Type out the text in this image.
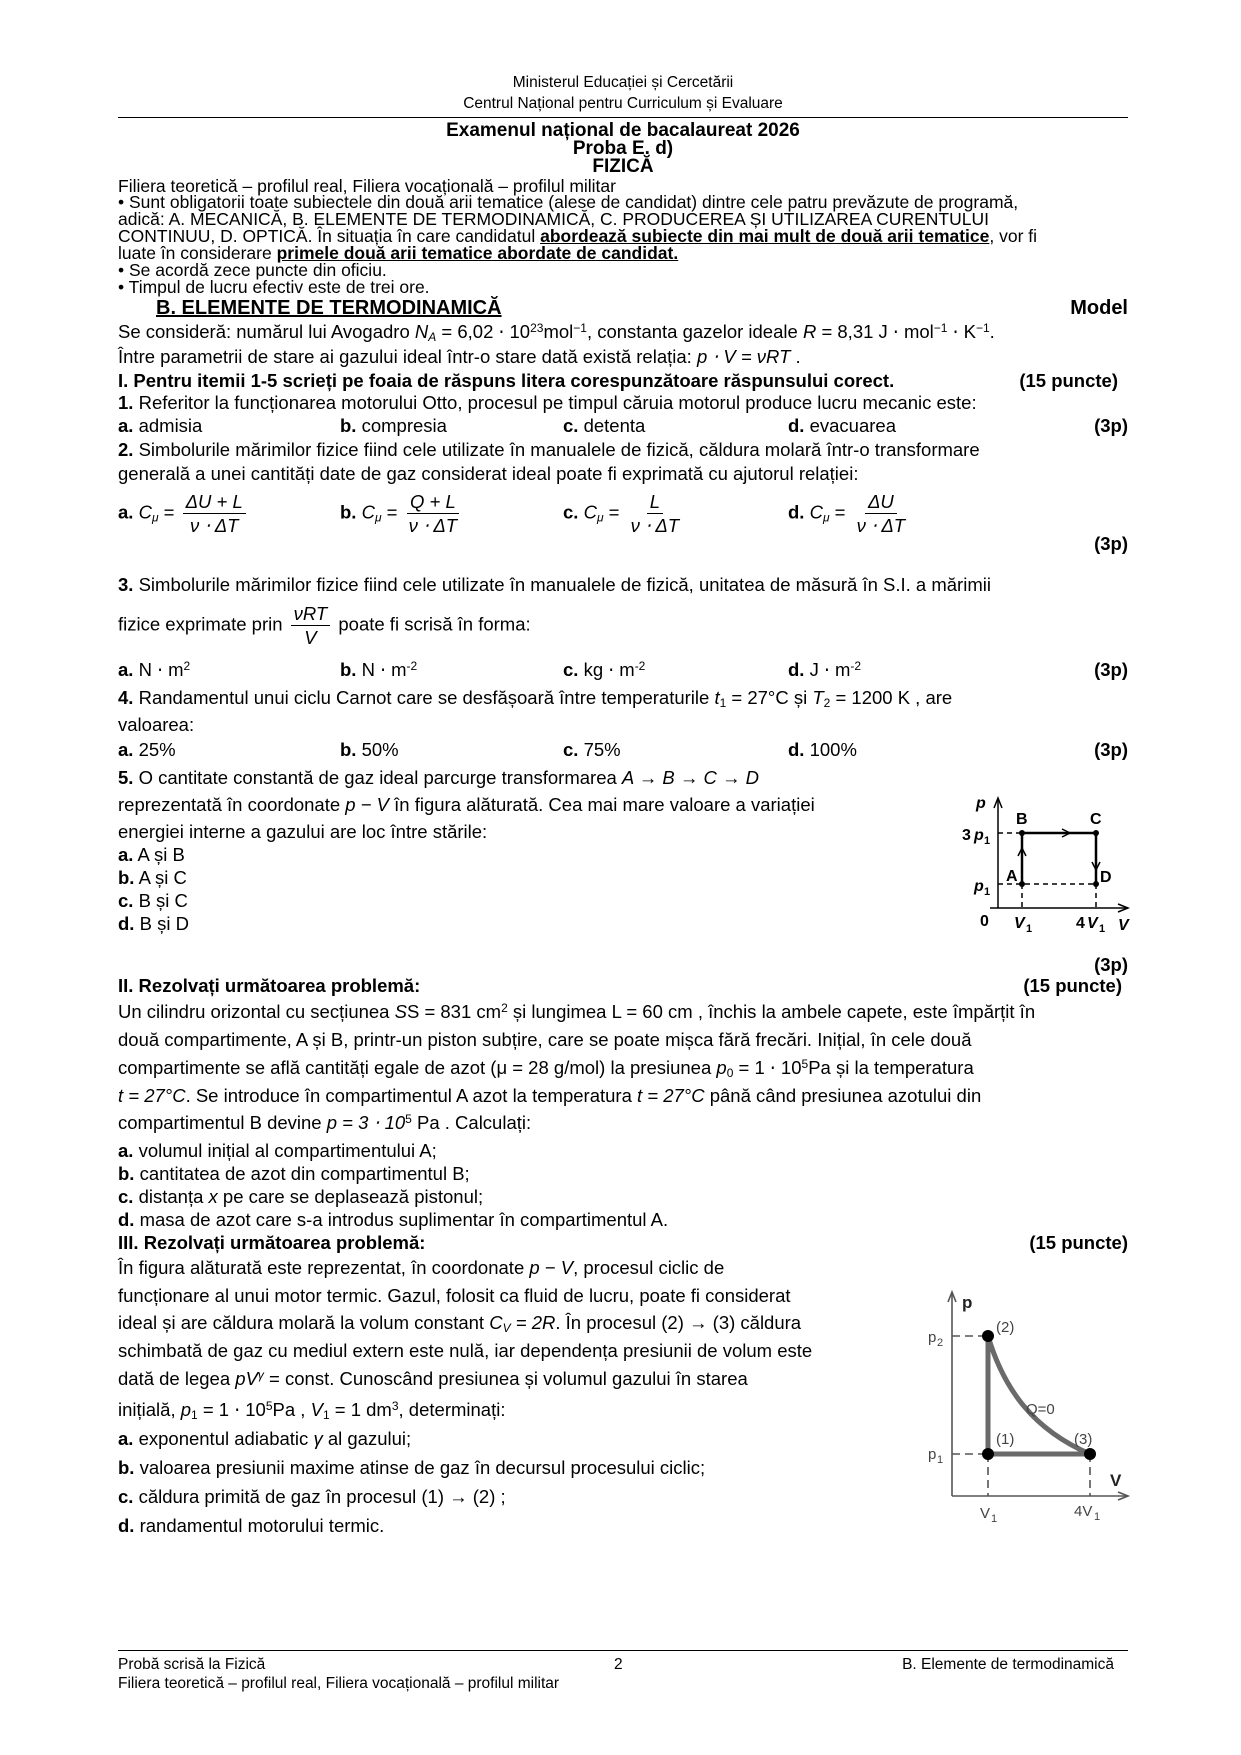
Ministerul Educației și Cercetării
Centrul Național pentru Curriculum și Evaluare
Examenul național de bacalaureat 2026
Proba E. d)
FIZICĂ
Filiera teoretică – profilul real, Filiera vocațională – profilul militar
• Sunt obligatorii toate subiectele din două arii tematice (alese de candidat) dintre cele patru prevăzute de programă,
adică: A. MECANICĂ, B. ELEMENTE DE TERMODINAMICĂ, C. PRODUCEREA ȘI UTILIZAREA CURENTULUI
CONTINUU, D. OPTICĂ. În situația în care candidatul abordează subiecte din mai mult de două arii tematice, vor fi
luate în considerare primele două arii tematice abordate de candidat.
• Se acordă zece puncte din oficiu.
• Timpul de lucru efectiv este de trei ore.
B. ELEMENTE DE TERMODINAMICĂ	Model
Se consideră: numărul lui Avogadro $N_A = 6,02 \cdot 10^{23}mol^{-1}$, constanta gazelor ideale R = 8,31 $J \cdot mol^{-1} \cdot K^{-1}$.
Între parametrii de stare ai gazului ideal într-o stare dată există relația: p ⋅ V = νRT .
I. Pentru itemii 1-5 scrieți pe foaia de răspuns litera corespunzătoare răspunsului corect.	(15 puncte)
1. Referitor la funcționarea motorului Otto, procesul pe timpul căruia motorul produce lucru mecanic este:
a. admisia	b. compresia	c. detenta	d. evacuarea	(3p)
2. Simbolurile mărimilor fizice fiind cele utilizate în manualele de fizică, căldura molară într-o transformare
generală a unei cantități date de gaz considerat ideal poate fi exprimată cu ajutorul relației:
a. $C_\mu = \frac{\Delta U + L}{\nu \cdot \Delta T}$	b. $C_\mu = \frac{Q + L}{\nu \cdot \Delta T}$	c. $C_\mu = \frac{L}{\nu \cdot \Delta T}$	d. $C_\mu = \frac{\Delta U}{\nu \cdot \Delta T}$
(3p)
3. Simbolurile mărimilor fizice fiind cele utilizate în manualele de fizică, unitatea de măsură în S.I. a mărimii
fizice exprimate prin $\frac{\text{νRT}}{V}$ poate fi scrisă în forma:
a. $N \cdot m^2$	b. $N \cdot m^{-2}$	c. kg ⋅ $m^{-2}$	d. $J \cdot m^{-2}$	(3p)
4. Randamentul unui ciclu Carnot care se desfășoară între temperaturile $t_1 = 27^\circ C$ și $T_2 = 1200$ K , are
valoarea:
a. 25%	b. 50%	c. 75%	d. 100%	(3p)
5. O cantitate constantă de gaz ideal parcurge transformarea A → B → C → D
reprezentată în coordonate p − V în figura alăturată. Cea mai mare valoare a variației
energiei interne a gazului are loc între stările:
a. A și B
b. A și C
c. B și C
d. B și D
(3p)
p
B	C
A	D
3 p 1
p 1
0 V 1	4 V 1 V
II. Rezolvați următoarea problemă:	(15 puncte)
Un cilindru orizontal cu secțiunea SS = 831 $cm^2$ și lungimea L = 60 cm , închis la ambele capete, este împărțit în
două compartimente, A și B, printr-un piston subțire, care se poate mișca fără frecări. Inițial, în cele două
compartimente se află cantități egale de azot (μ = 28 g/mol) la presiunea $p_0 = 1 \cdot 10^5Pa$ și la temperatura
t = 27°C. Se introduce în compartimentul A azot la temperatura t = 27°C până când presiunea azotului din
compartimentul B devine $p = 3 \cdot 10^5$ Pa . Calculați:
a. volumul inițial al compartimentului A;
b. cantitatea de azot din compartimentul B;
c. distanța x pe care se deplasează pistonul;
d. masa de azot care s-a introdus suplimentar în compartimentul A.
III. Rezolvați următoarea problemă:	(15 puncte)
În figura alăturată este reprezentat, în coordonate p − V, procesul ciclic de
funcționare al unui motor termic. Gazul, folosit ca fluid de lucru, poate fi considerat
ideal și are căldura molară la volum constant $C_V = 2R$. În procesul (2) → (3) căldura
schimbată de gaz cu mediul extern este nulă, iar dependența presiunii de volum este
dată de legea $pV^\gamma$ = const. Cunoscând presiunea și volumul gazului în starea
inițială, $p_1 = 1 \cdot 10^5Pa$ , $V_1 = 1$ $dm^3$, determinați:
a. exponentul adiabatic γ al gazului;
b. valoarea presiunii maxime atinse de gaz în decursul procesului ciclic;
c. căldura primită de gaz în procesul (1) → (2) ;
d. randamentul motorului termic.
p
(2)
Q=0
(1)	(3)
p 2
p 1
V 1	4V 1
V
Probă scrisă la Fizică	2	B. Elemente de termodinamică
Filiera teoretică – profilul real, Filiera vocațională – profilul militar
